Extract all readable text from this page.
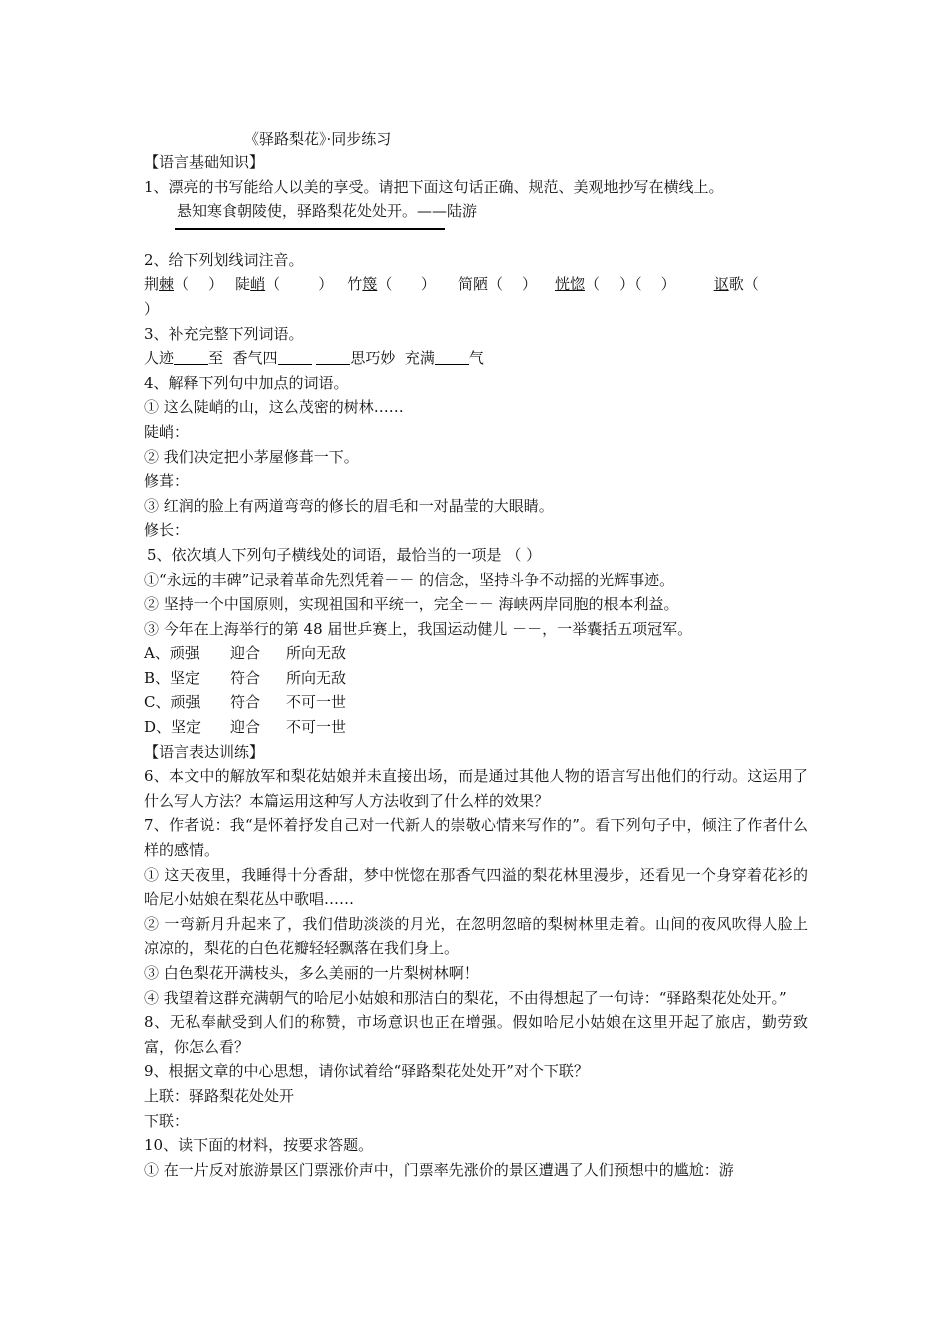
《驿路梨花》·同步练习

【语言基础知识】

1、漂亮的书写能给人以美的享受。请把下面这句话正确、规范、美观地抄写在横线上。

悬知寒食朝陵使，驿路梨花处处开。——陆游

2、给下列划线词注音。

荆棘（    ） 陡峭（        ） 竹篾（      ） 简陋（    ） 恍惚（    ）（    ）	讴歌（

）

3、补充完整下列词语。

人迹 至  香气四	思巧妙  充满 气

4、解释下列句中加点的词语。

① 这么陡峭的山，这么茂密的树林……

陡峭：

② 我们决定把小茅屋修葺一下。

修葺：

③ 红润的脸上有两道弯弯的修长的眉毛和一对晶莹的大眼睛。

修长：

5、依次填人下列句子横线处的词语，最恰当的一项是 （ ）

①“永远的丰碑”记录着革命先烈凭着－－ 的信念，坚持斗争不动摇的光辉事迹。

② 坚持一个中国原则，实现祖国和平统一，完全－－ 海峡两岸同胞的根本利益。

③ 今年在上海举行的第 48 届世乒赛上，我国运动健儿 －－，一举囊括五项冠军。

A、顽强 迎合 所向无敌

B、坚定 符合 所向无敌

C、顽强 符合 不可一世

D、坚定 迎合 不可一世

【语言表达训练】

6、本文中的解放军和梨花姑娘并未直接出场，而是通过其他人物的语言写出他们的行动。这运用了什么写人方法？本篇运用这种写人方法收到了什么样的效果？

7、作者说：我“是怀着抒发自己对一代新人的崇敬心情来写作的”。看下列句子中，倾注了作者什么样的感情。

① 这天夜里，我睡得十分香甜，梦中恍惚在那香气四溢的梨花林里漫步，还看见一个身穿着花衫的哈尼小姑娘在梨花丛中歌唱……

② 一弯新月升起来了，我们借助淡淡的月光，在忽明忽暗的梨树林里走着。山间的夜风吹得人脸上凉凉的，梨花的白色花瓣轻轻飘落在我们身上。

③ 白色梨花开满枝头，多么美丽的一片梨树林啊！

④ 我望着这群充满朝气的哈尼小姑娘和那洁白的梨花，不由得想起了一句诗：“驿路梨花处处开。”

8、无私奉献受到人们的称赞，市场意识也正在增强。假如哈尼小姑娘在这里开起了旅店，勤劳致富，你怎么看？

9、根据文章的中心思想，请你试着给“驿路梨花处处开”对个下联？

上联：驿路梨花处处开

下联：

10、读下面的材料，按要求答题。

① 在一片反对旅游景区门票涨价声中，门票率先涨价的景区遭遇了人们预想中的尴尬：游
